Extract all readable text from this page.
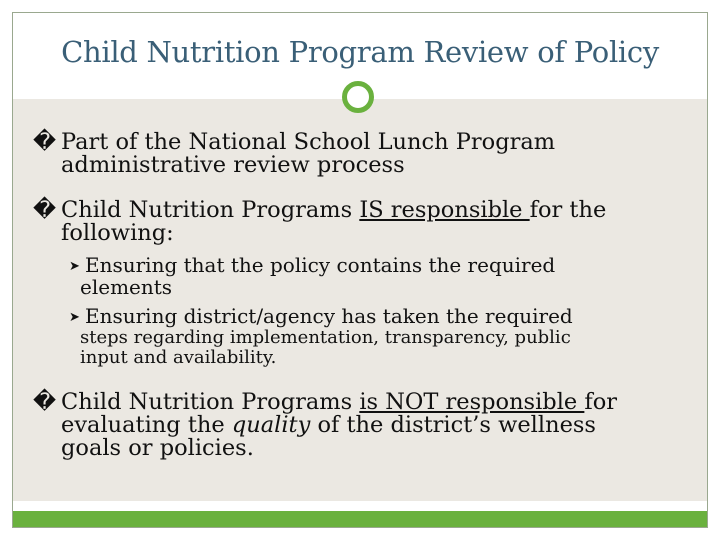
Child Nutrition Program Review of Policy
� Part of the National School Lunch Program
administrative review process
� Child Nutrition Programs IS responsible for the
following:
➤ Ensuring that the policy contains the required
elements
➤ Ensuring district/agency has taken the required
steps regarding implementation, transparency, public
input and availability.
� Child Nutrition Programs is NOT responsible for
evaluating the quality of the district’s wellness
goals or policies.
